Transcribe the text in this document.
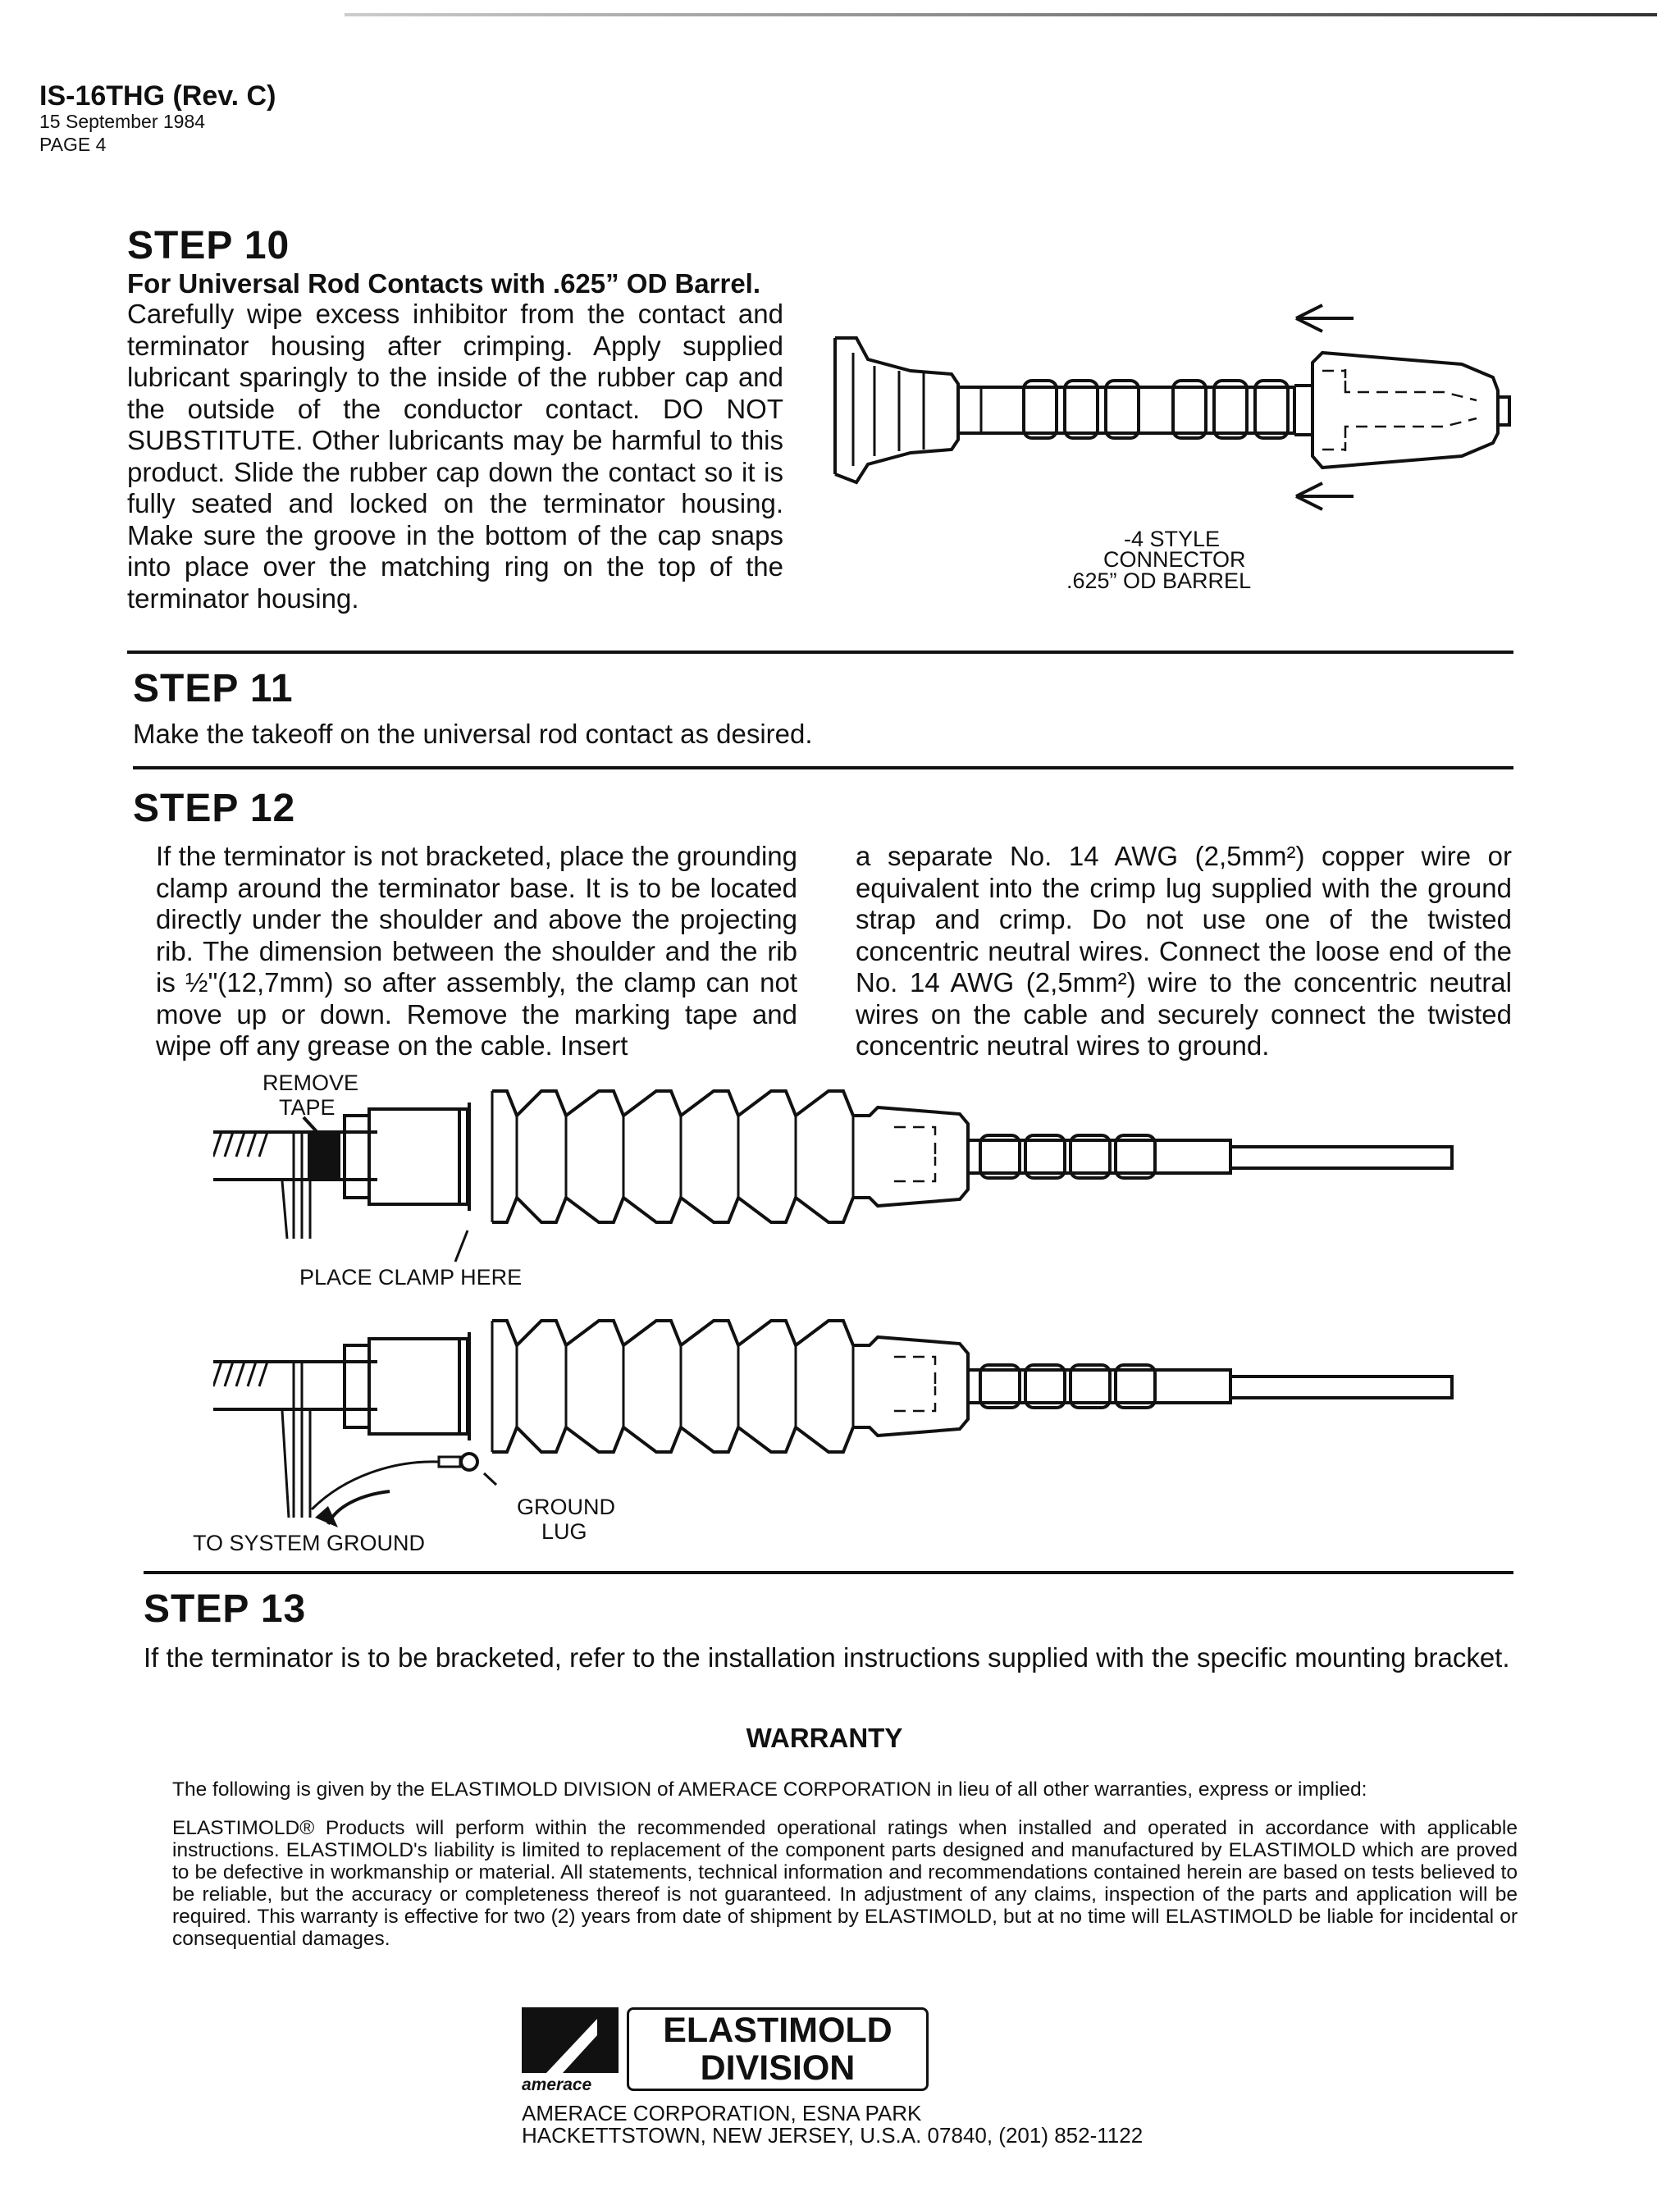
IS-16THG (Rev. C)
15 September 1984
PAGE 4
STEP 10
For Universal Rod Contacts with .625” OD Barrel.
Carefully wipe excess inhibitor from the contact and terminator housing after crimping. Apply supplied lubricant sparingly to the inside of the rubber cap and the outside of the conductor contact. DO NOT SUBSTITUTE. Other lubricants may be harmful to this product. Slide the rubber cap down the contact so it is fully seated and locked on the terminator housing. Make sure the groove in the bottom of the cap snaps into place over the matching ring on the top of the terminator housing.
-4 STYLE
CONNECTOR
.625” OD BARREL
STEP 11
Make the takeoff on the universal rod contact as desired.
STEP 12
If the terminator is not bracketed, place the grounding clamp around the terminator base. It is to be located directly under the shoulder and above the projecting rib. The dimension between the shoulder and the rib is ½"(12,7mm) so after assembly, the clamp can not move up or down. Remove the marking tape and wipe off any grease on the cable. Insert
a separate No. 14 AWG (2,5mm²) copper wire or equivalent into the crimp lug supplied with the ground strap and crimp. Do not use one of the twisted concentric neutral wires. Connect the loose end of the No. 14 AWG (2,5mm²) wire to the concentric neutral wires on the cable and securely connect the twisted concentric neutral wires to ground.
REMOVE
TAPE
PLACE CLAMP HERE
GROUND
LUG
TO SYSTEM GROUND
STEP 13
If the terminator is to be bracketed, refer to the installation instructions supplied with the specific mounting bracket.
WARRANTY
The following is given by the ELASTIMOLD DIVISION of AMERACE CORPORATION in lieu of all other warranties, express or implied:
ELASTIMOLD® Products will perform within the recommended operational ratings when installed and operated in accordance with applicable instructions. ELASTIMOLD's liability is limited to replacement of the component parts designed and manufactured by ELASTIMOLD which are proved to be defective in workmanship or material. All statements, technical information and recommendations contained herein are based on tests believed to be reliable, but the accuracy or completeness thereof is not guaranteed. In adjustment of any claims, inspection of the parts and application will be required. This warranty is effective for two (2) years from date of shipment by ELASTIMOLD, but at no time will ELASTIMOLD be liable for incidental or consequential damages.
amerace
ELASTIMOLD
DIVISION
AMERACE CORPORATION, ESNA PARK
HACKETTSTOWN, NEW JERSEY, U.S.A. 07840, (201) 852-1122
